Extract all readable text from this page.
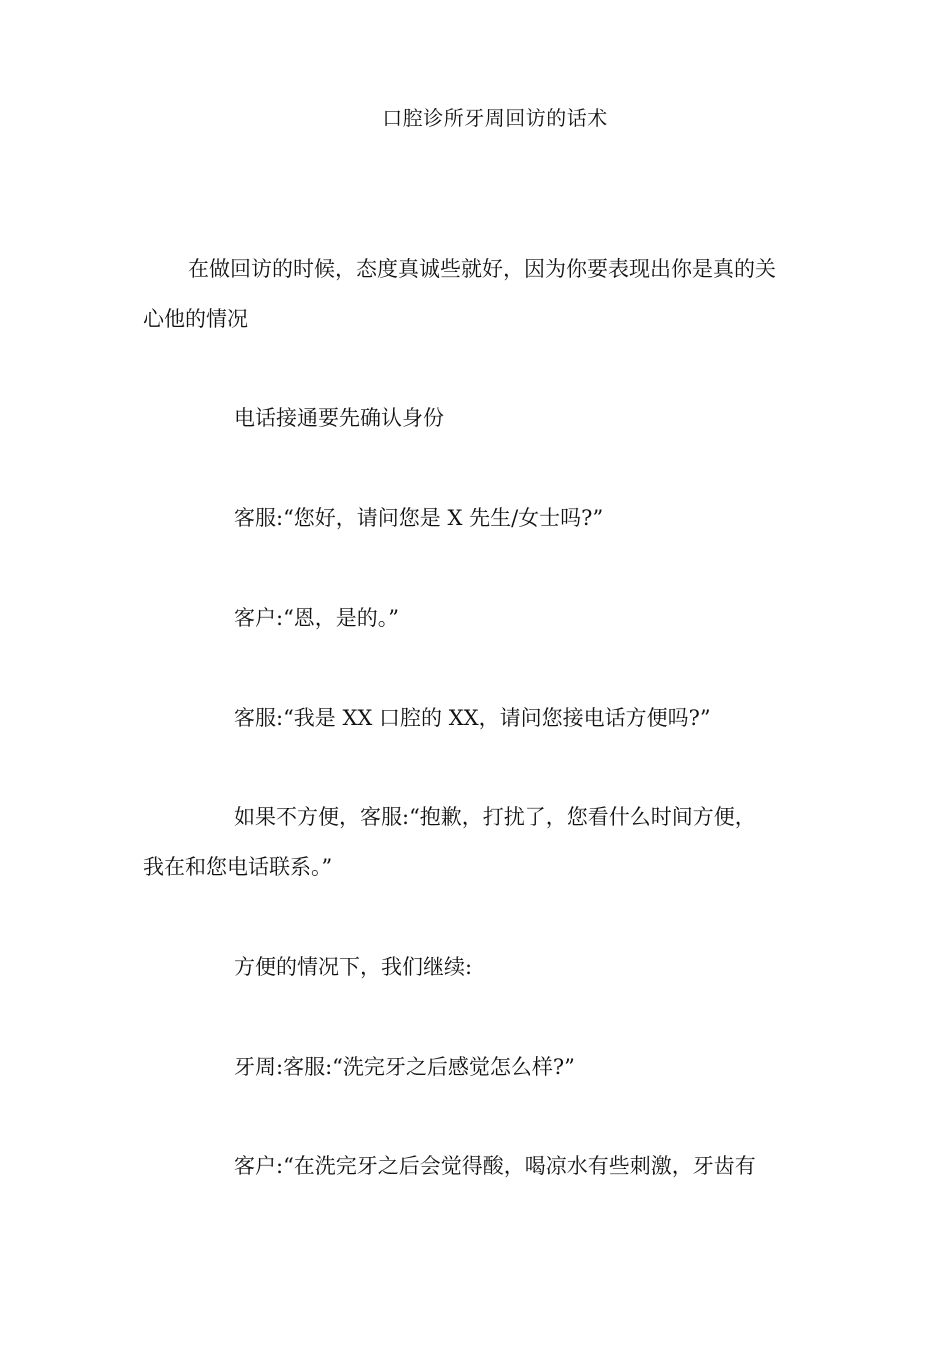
口腔诊所牙周回访的话术
在做回访的时候，态度真诚些就好，因为你要表现出你是真的关
心他的情况
电话接通要先确认身份
客服:“您好，请问您是 X 先生/女士吗?”
客户:“恩，是的。”
客服:“我是 XX 口腔的 XX，请问您接电话方便吗?”
如果不方便，客服:“抱歉，打扰了，您看什么时间方便，
我在和您电话联系。”
方便的情况下，我们继续:
牙周:客服:“洗完牙之后感觉怎么样?”
客户:“在洗完牙之后会觉得酸，喝凉水有些刺激，牙齿有
